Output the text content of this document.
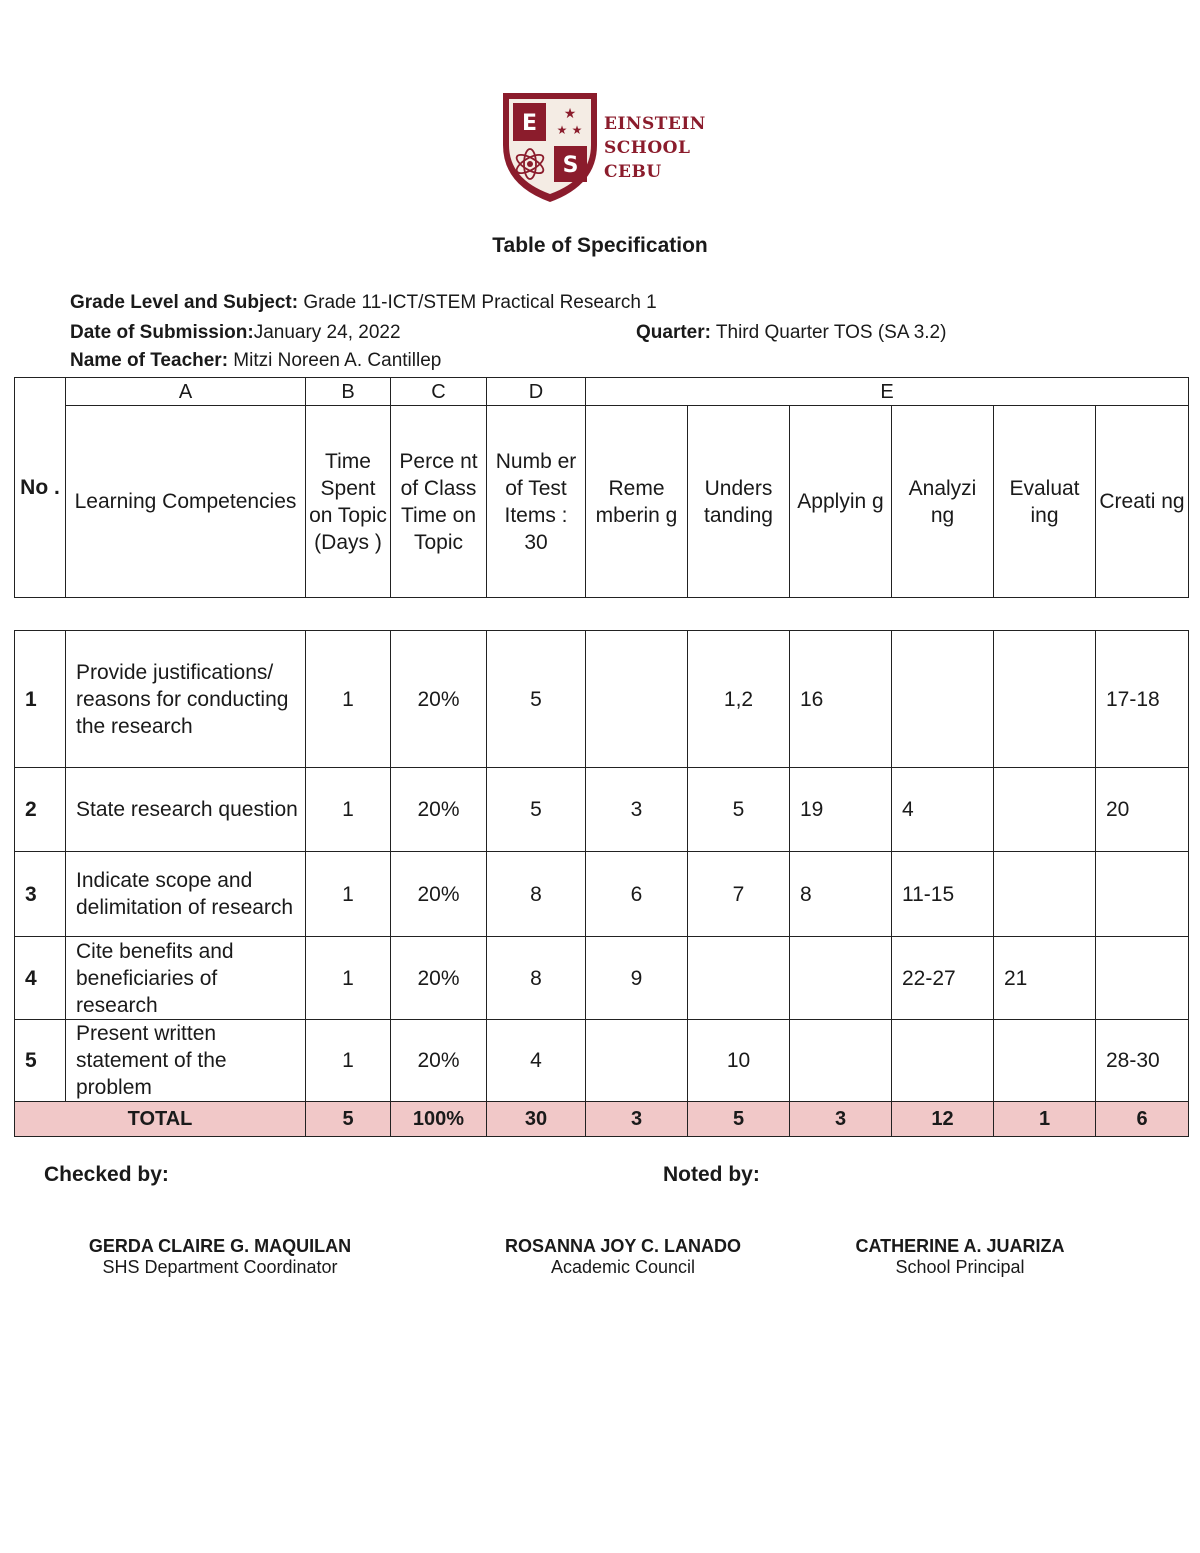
E
S
★
★ ★ EINSTEIN
SCHOOL
CEBU
Table of Specification
Grade Level and Subject: Grade 11-ICT/STEM Practical Research 1
Date of Submission:January 24, 2022	Quarter: Third Quarter TOS (SA 3.2)
Name of Teacher: Mitzi Noreen A. Cantillep
No .	A	B	C	D	E					
	Learning Competencies	Time Spent on Topic (Days )	Perce nt of Class Time on Topic	Numb er of Test Items : 30	Reme mberin g	Unders tanding	Applyin g	Analyzi ng	Evaluat ing	Creati ng

1	Provide justifications/ reasons for conducting the research	1	20%	5		1,2	16			17-18
2	State research question	1	20%	5	3	5	19	4		20
3	Indicate scope and delimitation of research	1	20%	8	6	7	8	11-15		
4	Cite benefits and beneficiaries of research	1	20%	8	9			22-27	21	
5	Present written statement of the problem	1	20%	4		10				28-30
TOTAL		5	100%	30	3	5	3	12	1	6
Checked by:	Noted by:
GERDA CLAIRE G. MAQUILAN
SHS Department Coordinator
ROSANNA JOY C. LANADO
Academic Council
CATHERINE A. JUARIZA
School Principal
